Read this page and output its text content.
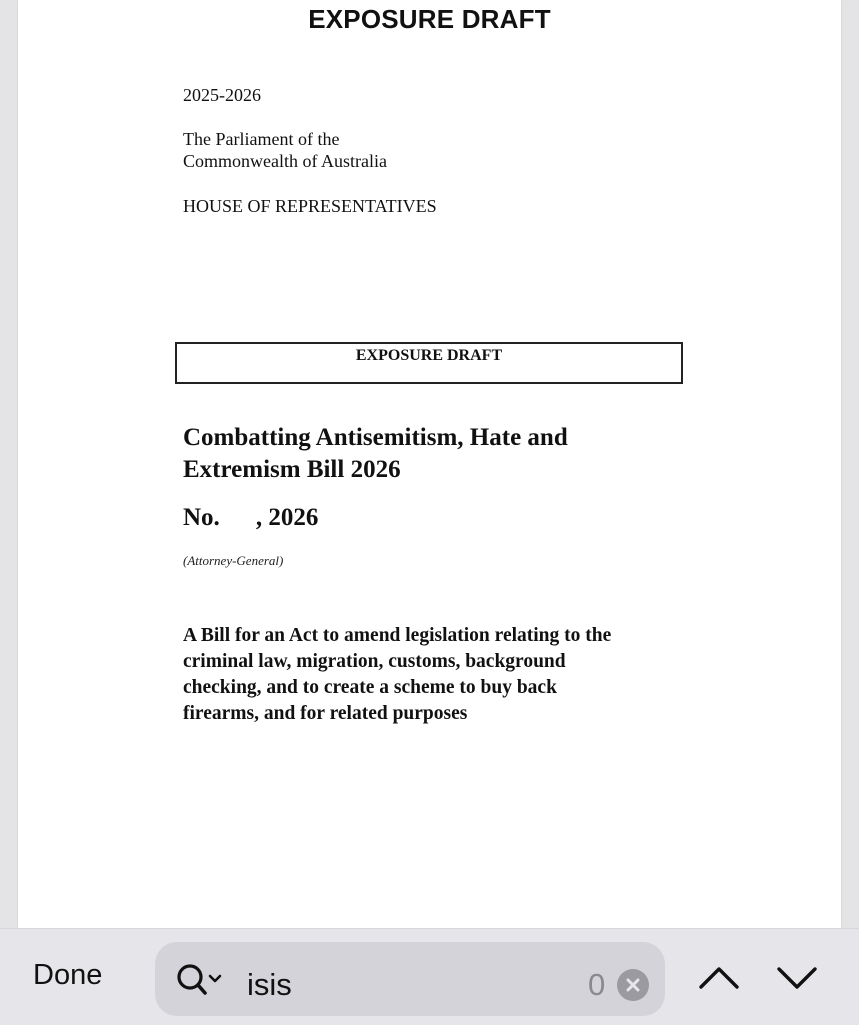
EXPOSURE DRAFT
2025-2026
The Parliament of the
Commonwealth of Australia
HOUSE OF REPRESENTATIVES
EXPOSURE DRAFT
Combatting Antisemitism, Hate and
Extremism Bill 2026
No. , 2026
(Attorney-General)
A Bill for an Act to amend legislation relating to the
criminal law, migration, customs, background
checking, and to create a scheme to buy back
firearms, and for related purposes
Done	isis	0
